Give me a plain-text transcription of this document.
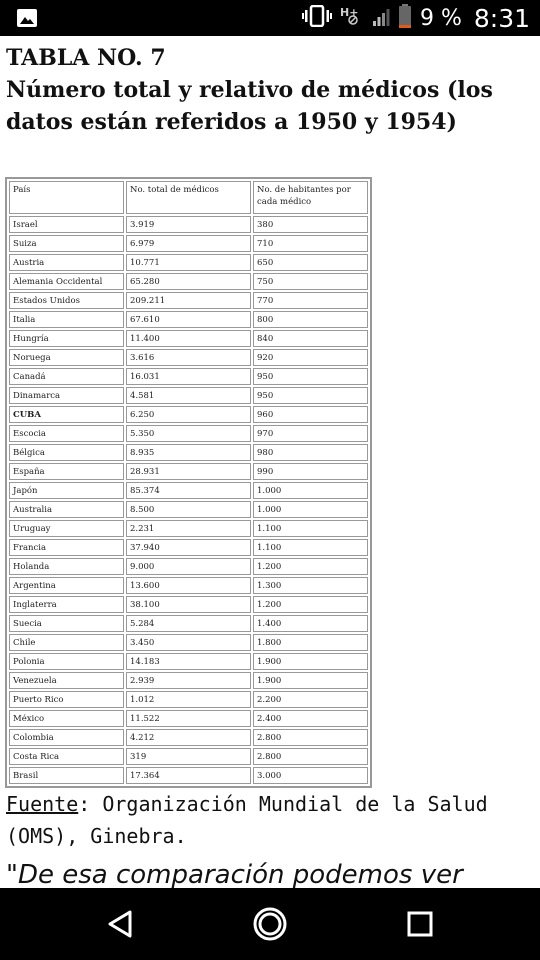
H+	9 % 8:31
TABLA NO. 7
Número total y relativo de médicos (los datos están referidos a 1950 y 1954)
País	No. total de médicos	No. de habitantes por cada médico
Israel	3.919	380
Suiza	6.979	710
Austria	10.771	650
Alemania Occidental	65.280	750
Estados Unidos	209.211	770
Italia	67.610	800
Hungría	11.400	840
Noruega	3.616	920
Canadá	16.031	950
Dinamarca	4.581	950
CUBA	6.250	960
Escocia	5.350	970
Bélgica	8.935	980
España	28.931	990
Japón	85.374	1.000
Australia	8.500	1.000
Uruguay	2.231	1.100
Francia	37.940	1.100
Holanda	9.000	1.200
Argentina	13.600	1.300
Inglaterra	38.100	1.200
Suecia	5.284	1.400
Chile	3.450	1.800
Polonia	14.183	1.900
Venezuela	2.939	1.900
Puerto Rico	1.012	2.200
México	11.522	2.400
Colombia	4.212	2.800
Costa Rica	319	2.800
Brasil	17.364	3.000
Fuente: Organización Mundial de la Salud (OMS), Ginebra.
"De esa comparación podemos ver
